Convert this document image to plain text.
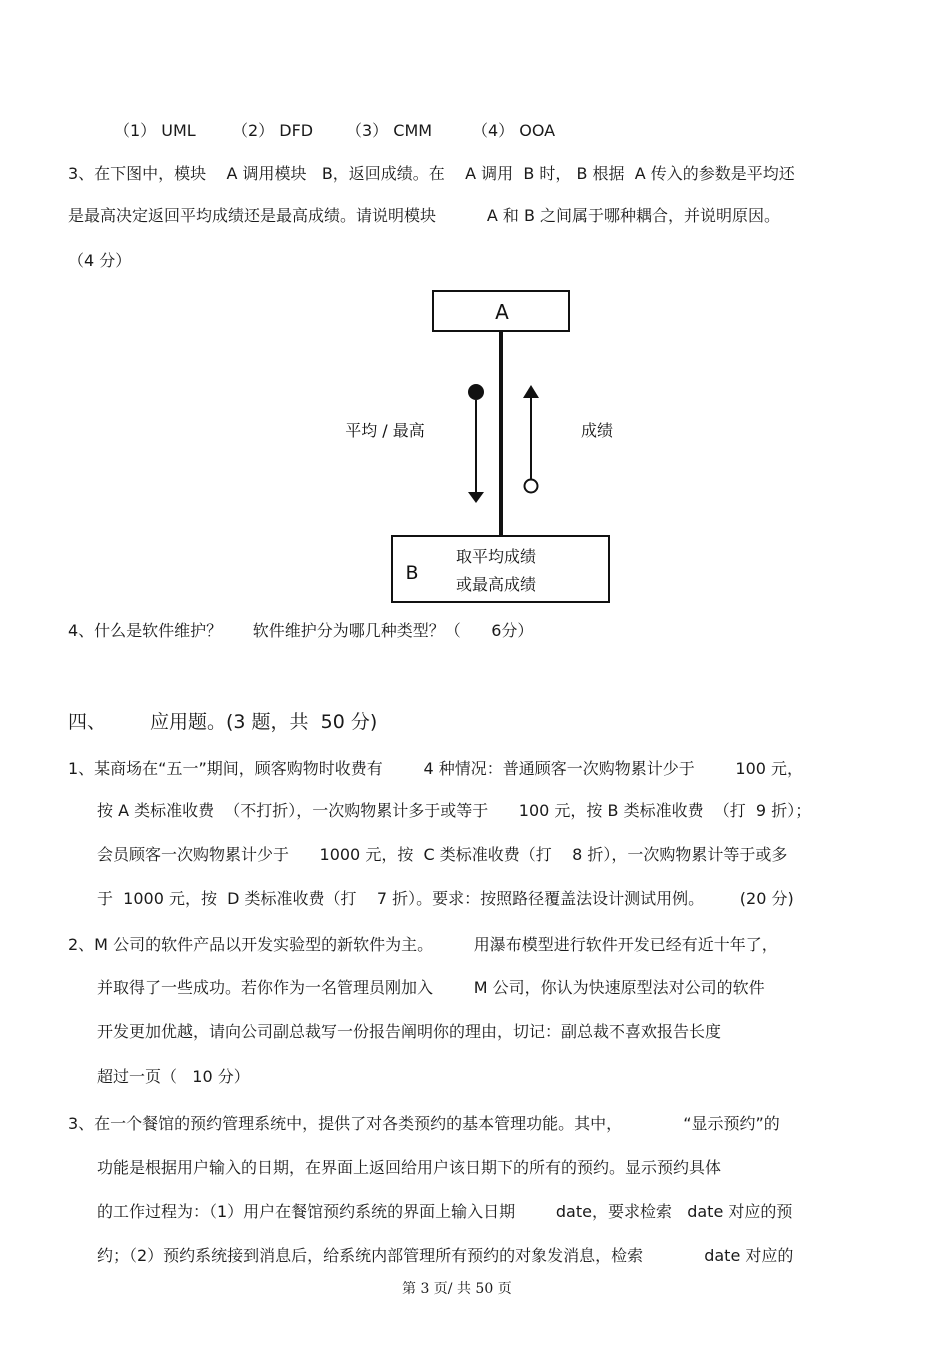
（1） UML （2） DFD （3） CMM （4） OOA
3、在下图中，模块    A 调用模块   B，返回成绩。在    A 调用  B 时， B 根据  A 传入的参数是平均还
是最高决定返回平均成绩还是最高成绩。请说明模块          A 和 B 之间属于哪种耦合，并说明原因。
（4 分）
A
平均 / 最高	成绩
B
取平均成绩
或最高成绩
4、什么是软件维护？      软件维护分为哪几种类型？（      6分）
四、 应用题。(3 题，共  50 分)
1、某商场在“五一”期间，顾客购物时收费有        4 种情况：普通顾客一次购物累计少于        100 元，
按 A 类标准收费  （不打折），一次购物累计多于或等于      100 元，按 B 类标准收费  （打  9 折）；
会员顾客一次购物累计少于      1000 元，按  C 类标准收费（打    8 折），一次购物累计等于或多
于  1000 元，按  D 类标准收费（打    7 折）。要求：按照路径覆盖法设计测试用例。       (20 分)
2、M 公司的软件产品以开发实验型的新软件为主。        用瀑布模型进行软件开发已经有近十年了，
并取得了一些成功。若你作为一名管理员刚加入        M 公司，你认为快速原型法对公司的软件
开发更加优越，请向公司副总裁写一份报告阐明你的理由，切记：副总裁不喜欢报告长度
超过一页（   10 分）
3、在一个餐馆的预约管理系统中，提供了对各类预约的基本管理功能。其中，            “显示预约”的
功能是根据用户输入的日期，在界面上返回给用户该日期下的所有的预约。显示预约具体
的工作过程为：（1）用户在餐馆预约系统的界面上输入日期        date，要求检索   date 对应的预
约；（2）预约系统接到消息后，给系统内部管理所有预约的对象发消息，检索            date 对应的
第 3 页/ 共 50 页
